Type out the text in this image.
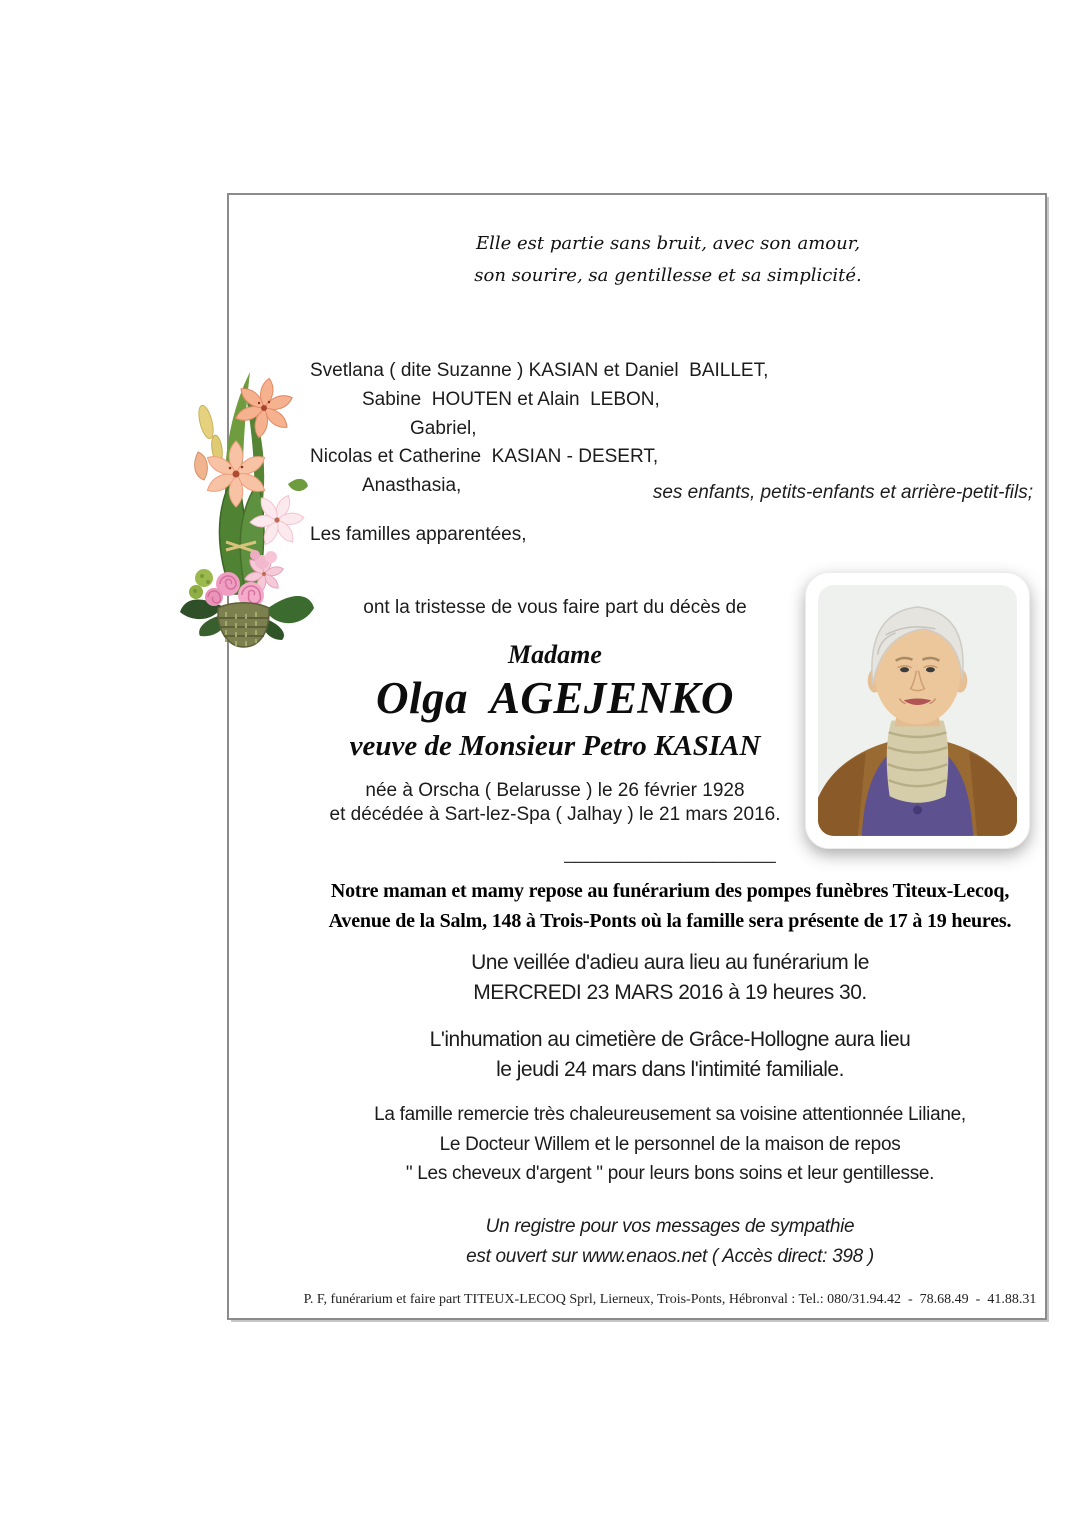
Elle est partie sans bruit, avec son amour,
son sourire, sa gentillesse et sa simplicité.
Svetlana ( dite Suzanne ) KASIAN et Daniel  BAILLET,
Sabine  HOUTEN et Alain  LEBON,
Gabriel,
Nicolas et Catherine  KASIAN - DESERT,
Anasthasia,	ses enfants, petits-enfants et arrière-petit-fils;
Les familles apparentées,
ont la tristesse de vous faire part du décès de
Madame
Olga  AGEJENKO
veuve de Monsieur Petro KASIAN
née à Orscha ( Belarusse ) le 26 février 1928
et décédée à Sart-lez-Spa ( Jalhay ) le 21 mars 2016.
____________________
Notre maman et mamy repose au funérarium des pompes funèbres Titeux-Lecoq,
Avenue de la Salm, 148 à Trois-Ponts où la famille sera présente de 17 à 19 heures.
Une veillée d'adieu aura lieu au funérarium le
MERCREDI 23 MARS 2016 à 19 heures 30.
L'inhumation au cimetière de Grâce-Hollogne aura lieu
le jeudi 24 mars dans l'intimité familiale.
La famille remercie très chaleureusement sa voisine attentionnée Liliane,
Le Docteur Willem et le personnel de la maison de repos
" Les cheveux d'argent " pour leurs bons soins et leur gentillesse.
Un registre pour vos messages de sympathie
est ouvert sur www.enaos.net ( Accès direct: 398 )
P. F, funérarium et faire part TITEUX-LECOQ Sprl, Lierneux, Trois-Ponts, Hébronval : Tel.: 080/31.94.42  -  78.68.49  -  41.88.31
